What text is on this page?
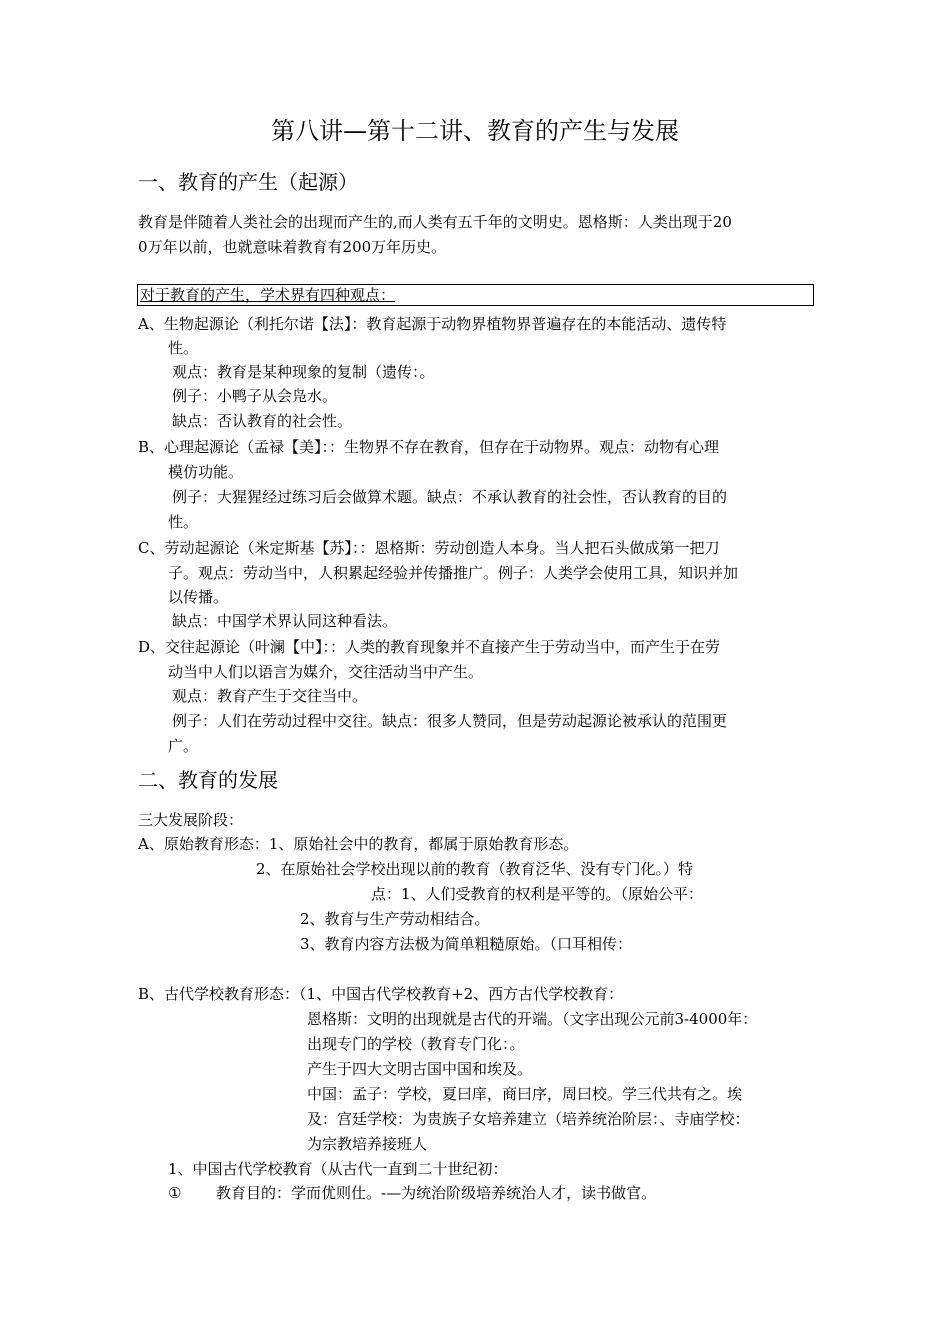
第八讲—第十二讲、教育的产生与发展
一、教育的产生（起源）
教育是伴随着人类社会的出现而产生的,而人类有五千年的文明史。恩格斯：人类出现于20
0万年以前，也就意味着教育有200万年历史。
对于教育的产生，学术界有四种观点：
A、生物起源论（利托尔诺【法】：教育起源于动物界植物界普遍存在的本能活动、遗传特
性。
观点：教育是某种现象的复制（遗传：。
例子：小鸭子从会凫水。
缺点：否认教育的社会性。
B、心理起源论（孟禄【美】：：生物界不存在教育，但存在于动物界。观点：动物有心理
模仿功能。
例子：大猩猩经过练习后会做算术题。缺点：不承认教育的社会性，否认教育的目的
性。
C、劳动起源论（米定斯基【苏】：：恩格斯：劳动创造人本身。当人把石头做成第一把刀
子。观点：劳动当中，人积累起经验并传播推广。例子：人类学会使用工具，知识并加
以传播。
缺点：中国学术界认同这种看法。
D、交往起源论（叶澜【中】：：人类的教育现象并不直接产生于劳动当中，而产生于在劳
动当中人们以语言为媒介，交往活动当中产生。
观点：教育产生于交往当中。
例子：人们在劳动过程中交往。缺点：很多人赞同，但是劳动起源论被承认的范围更
广。
二、教育的发展
三大发展阶段：
A、原始教育形态：1、原始社会中的教育，都属于原始教育形态。
2、在原始社会学校出现以前的教育（教育泛华、没有专门化。）特
点：1、人们受教育的权利是平等的。（原始公平：
2、教育与生产劳动相结合。
3、教育内容方法极为简单粗糙原始。（口耳相传：
B、古代学校教育形态：（1、中国古代学校教育+2、西方古代学校教育：
恩格斯：文明的出现就是古代的开端。（文字出现公元前3-4000年：
出现专门的学校（教育专门化：。
产生于四大文明古国中国和埃及。
中国：孟子：学校，夏曰庠，商曰序，周曰校。学三代共有之。埃
及：宫廷学校：为贵族子女培养建立（培养统治阶层：、寺庙学校：
为宗教培养接班人
1、中国古代学校教育（从古代一直到二十世纪初：
① 教育目的：学而优则仕。-—为统治阶级培养统治人才，读书做官。
